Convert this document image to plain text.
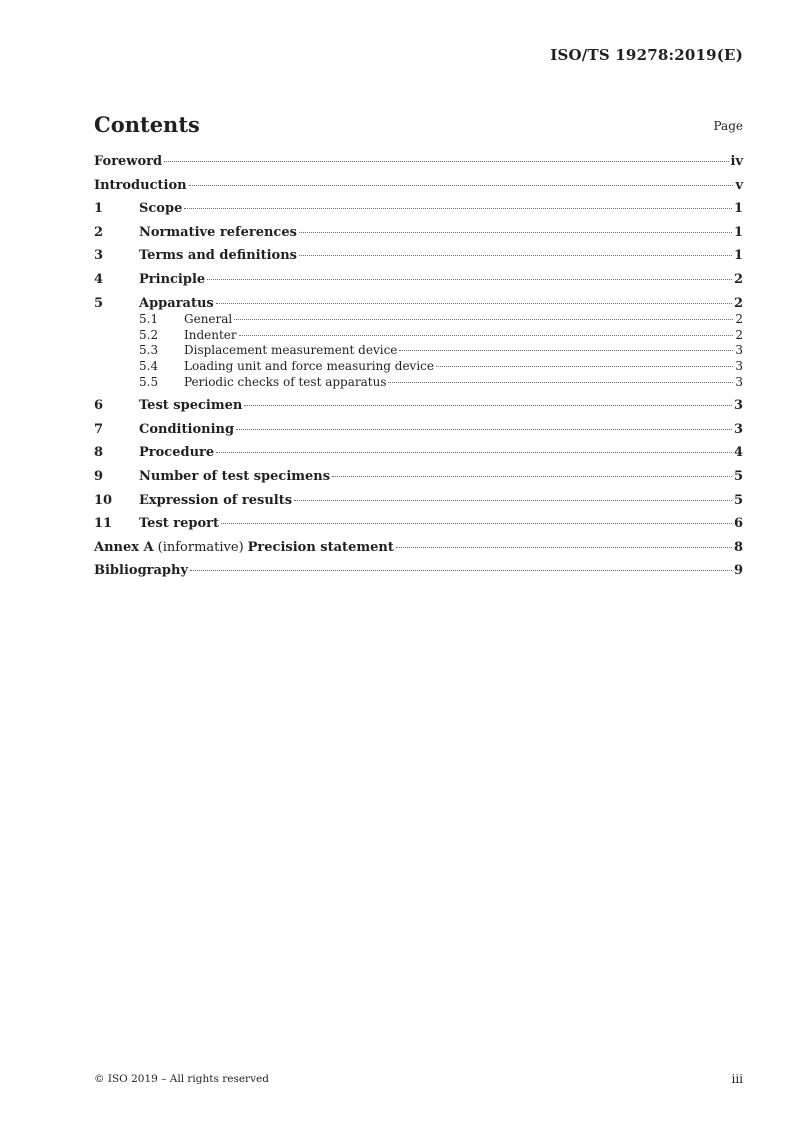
ISO/TS 19278:2019(E)
Contents	Page
Foreword	iv
Introduction	v
1	Scope	1
2	Normative references	1
3	Terms and definitions	1
4	Principle	2
5	Apparatus	2
5.1	General	2
5.2	Indenter	2
5.3	Displacement measurement device	3
5.4	Loading unit and force measuring device	3
5.5	Periodic checks of test apparatus	3
6	Test specimen	3
7	Conditioning	3
8	Procedure	4
9	Number of test specimens	5
10	Expression of results	5
11	Test report	6
Annex A (informative) Precision statement	8
Bibliography	9
© ISO 2019 – All rights reserved	iii
